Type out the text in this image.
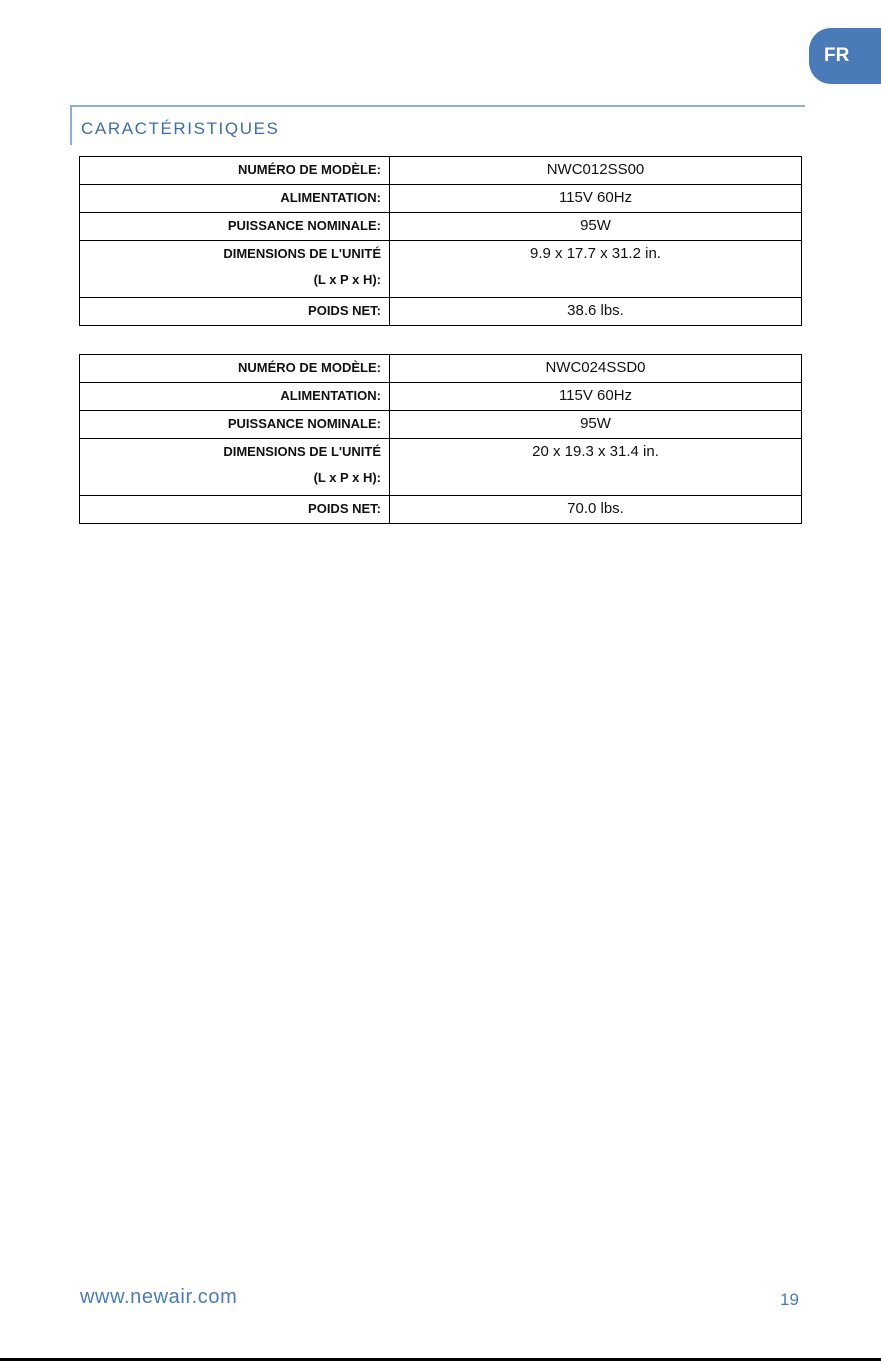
FR
CARACTÉRISTIQUES
NUMÉRO DE MODÈLE:	NWC012SS00
ALIMENTATION:	115V 60Hz
PUISSANCE NOMINALE:	95W

DIMENSIONS DE L'UNITÉ
(L x P x H):	9.9 x 17.7 x 31.2 in.
POIDS NET:	38.6 lbs.
NUMÉRO DE MODÈLE:	NWC024SSD0
ALIMENTATION:	115V 60Hz
PUISSANCE NOMINALE:	95W

DIMENSIONS DE L'UNITÉ
(L x P x H):	20 x 19.3 x 31.4 in.
POIDS NET:	70.0 lbs.
www.newair.com	19
